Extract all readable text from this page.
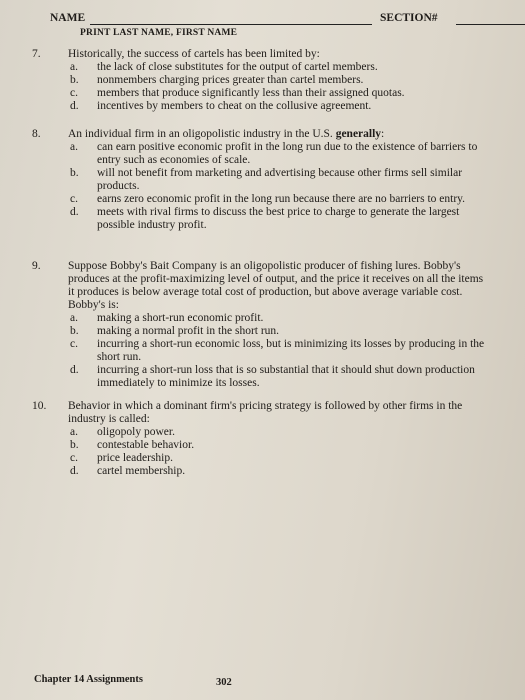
NAME	SECTION#
PRINT LAST NAME, FIRST NAME
7.	Historically, the success of cartels has been limited by:
a. the lack of close substitutes for the output of cartel members.
b. nonmembers charging prices greater than cartel members.
c. members that produce significantly less than their assigned quotas.
d. incentives by members to cheat on the collusive agreement.
8.	An individual firm in an oligopolistic industry in the U.S. generally:
a. can earn positive economic profit in the long run due to the existence of barriers to entry such as economies of scale.
b. will not benefit from marketing and advertising because other firms sell similar products.
c. earns zero economic profit in the long run because there are no barriers to entry.
d. meets with rival firms to discuss the best price to charge to generate the largest possible industry profit.
9.	Suppose Bobby's Bait Company is an oligopolistic producer of fishing lures. Bobby's produces at the profit-maximizing level of output, and the price it receives on all the items it produces is below average total cost of production, but above average variable cost. Bobby's is:
a. making a short-run economic profit.
b. making a normal profit in the short run.
c. incurring a short-run economic loss, but is minimizing its losses by producing in the short run.
d. incurring a short-run loss that is so substantial that it should shut down production immediately to minimize its losses.
10.	Behavior in which a dominant firm's pricing strategy is followed by other firms in the industry is called:
a. oligopoly power.
b. contestable behavior.
c. price leadership.
d. cartel membership.
Chapter 14 Assignments	302
